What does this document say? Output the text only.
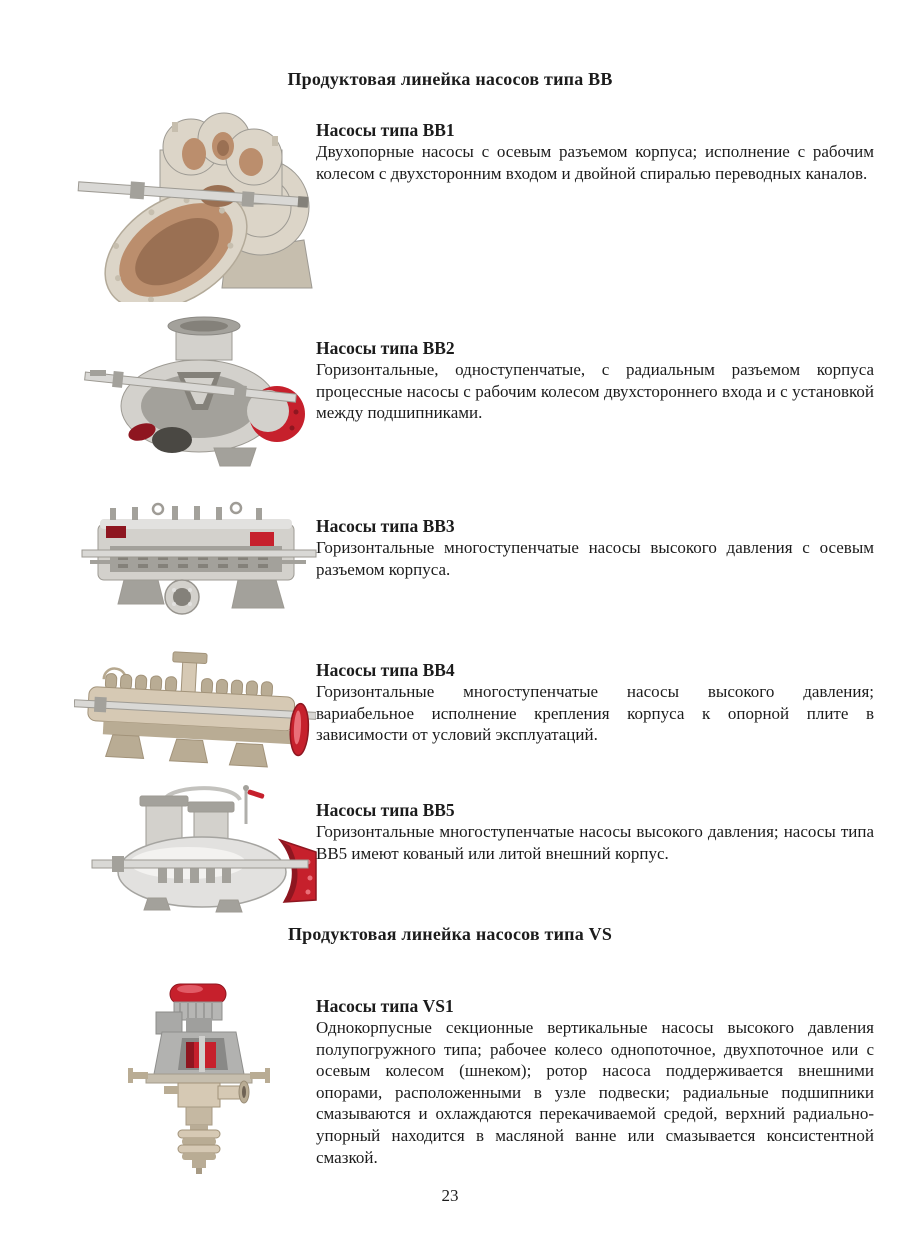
Продуктовая линейка насосов типа BB
Насосы типа BB1

Двухопорные насосы с осевым разъемом корпуса; исполнение с рабочим колесом с двухсторонним входом и двойной спиралью переводных каналов.

Насосы типа BB2

Горизонтальные, одноступенчатые, с радиальным разъемом корпуса процессные насосы с рабочим колесом двухстороннего входа и с установкой между подшипниками.

Насосы типа BB3

Горизонтальные многоступенчатые насосы высокого давления с осевым разъемом корпуса.

Насосы типа BB4

Горизонтальные многоступенчатые насосы высокого давления; вариабельное исполнение крепления корпуса к опорной плите в зависимости от условий эксплуатаций.

Насосы типа BB5

Горизонтальные многоступенчатые насосы высокого давления; насосы типа BB5 имеют кованый или литой внешний корпус.

Продуктовая линейка насосов типа VS
Насосы типа VS1

Однокорпусные секционные вертикальные насосы высокого давления полупогружного типа; рабочее колесо однопоточное, двухпоточное или с осевым колесом (шнеком); ротор насоса поддерживается внешними опорами, расположенными в узле подвески; радиальные подшипники смазываются и охлаждаются перекачиваемой средой, верхний радиально-упорный находится в масляной ванне или смазывается консистентной смазкой.

23
